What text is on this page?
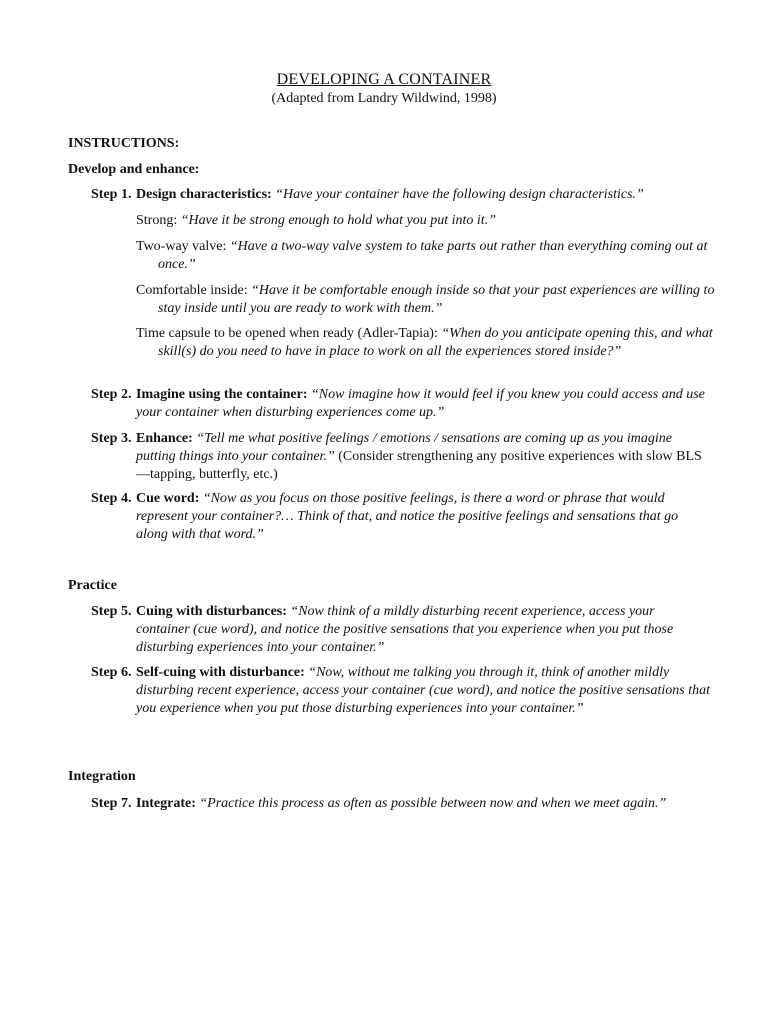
DEVELOPING A CONTAINER
(Adapted from Landry Wildwind, 1998)
INSTRUCTIONS:
Develop and enhance:
Step 1. Design characteristics: “Have your container have the following design characteristics.”
Strong: “Have it be strong enough to hold what you put into it.”
Two-way valve: “Have a two-way valve system to take parts out rather than everything coming out at once.”
Comfortable inside: “Have it be comfortable enough inside so that your past experiences are willing to stay inside until you are ready to work with them.”
Time capsule to be opened when ready (Adler-Tapia): “When do you anticipate opening this, and what skill(s) do you need to have in place to work on all the experiences stored inside?”
Step 2. Imagine using the container: “Now imagine how it would feel if you knew you could access and use your container when disturbing experiences come up.”
Step 3. Enhance: “Tell me what positive feelings / emotions / sensations are coming up as you imagine putting things into your container.” (Consider strengthening any positive experiences with slow BLS—tapping, butterfly, etc.)
Step 4. Cue word: “Now as you focus on those positive feelings, is there a word or phrase that would represent your container?… Think of that, and notice the positive feelings and sensations that go along with that word.”
Practice
Step 5. Cuing with disturbances: “Now think of a mildly disturbing recent experience, access your container (cue word), and notice the positive sensations that you experience when you put those disturbing experiences into your container.”
Step 6. Self-cuing with disturbance: “Now, without me talking you through it, think of another mildly disturbing recent experience, access your container (cue word), and notice the positive sensations that you experience when you put those disturbing experiences into your container.”
Integration
Step 7. Integrate: “Practice this process as often as possible between now and when we meet again.”
